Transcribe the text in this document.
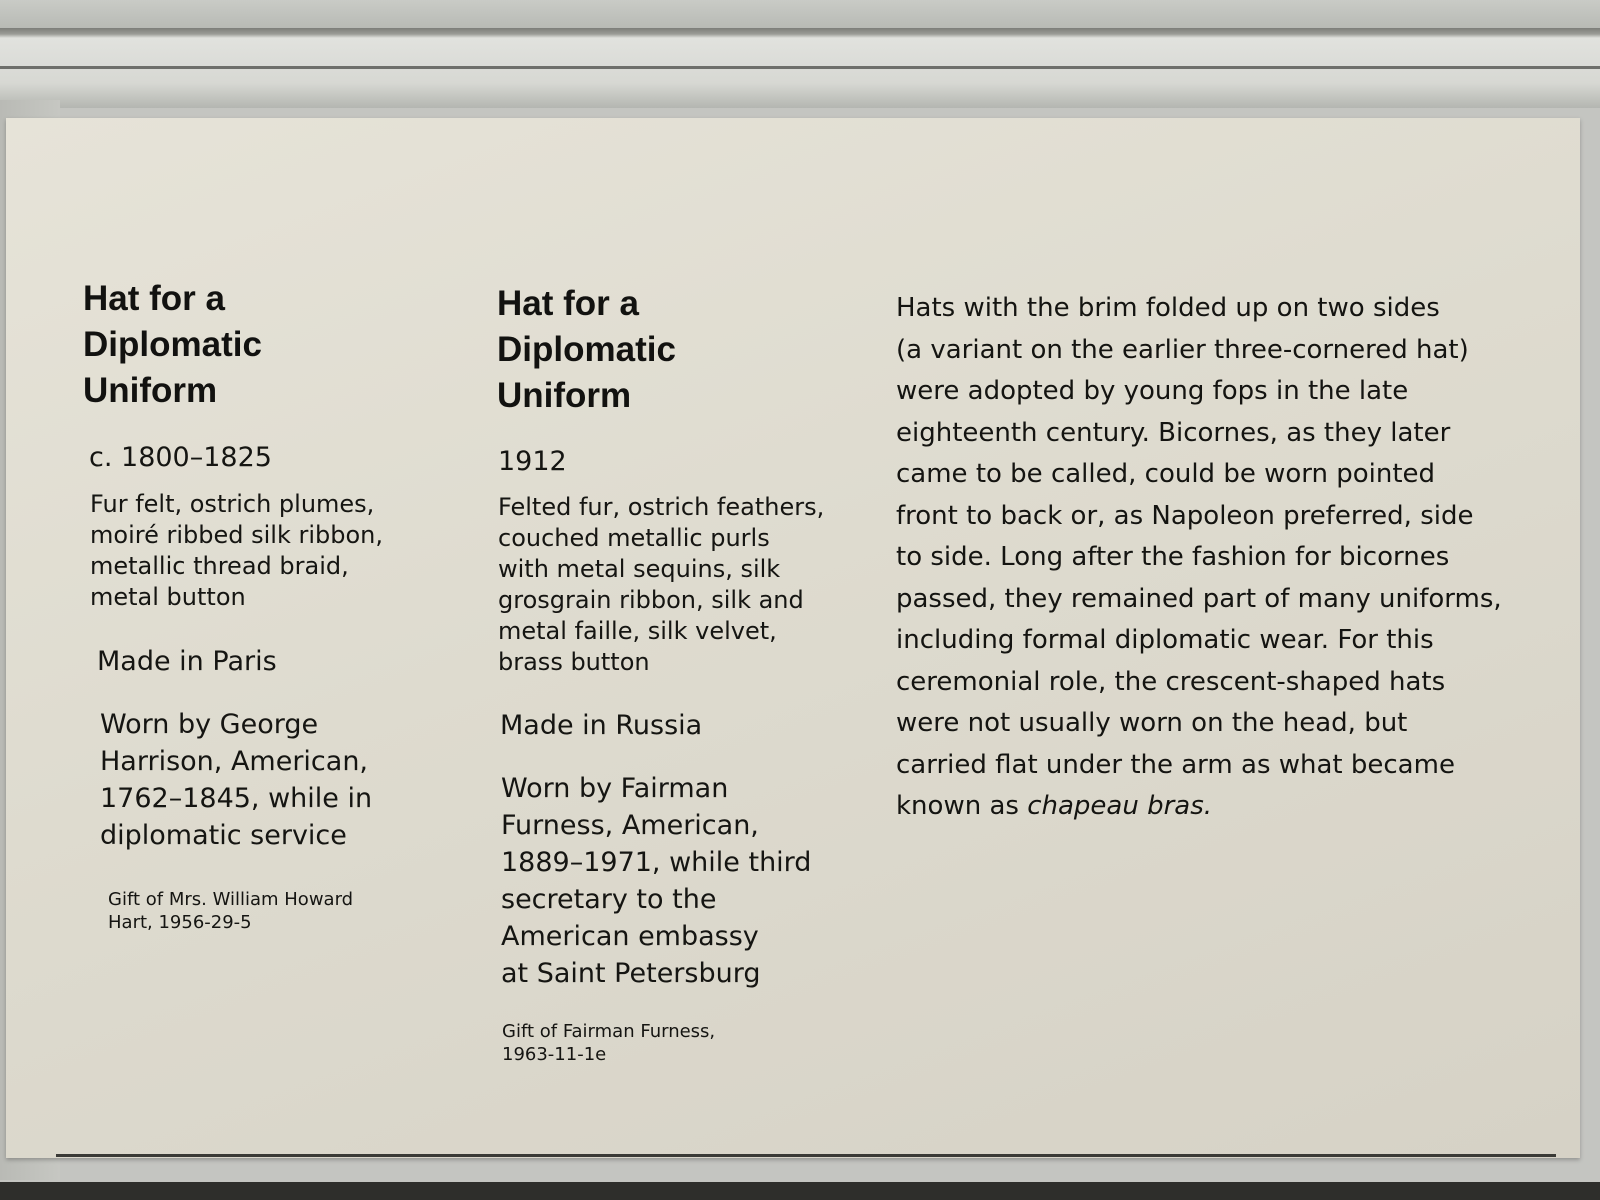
Hat for a
Diplomatic
Uniform
c. 1800–1825
Fur felt, ostrich plumes,
moiré ribbed silk ribbon,
metallic thread braid,
metal button
Made in Paris
Worn by George
Harrison, American,
1762–1845, while in
diplomatic service
Gift of Mrs. William Howard
Hart, 1956-29-5
Hat for a
Diplomatic
Uniform
1912
Felted fur, ostrich feathers,
couched metallic purls
with metal sequins, silk
grosgrain ribbon, silk and
metal faille, silk velvet,
brass button
Made in Russia
Worn by Fairman
Furness, American,
1889–1971, while third
secretary to the
American embassy
at Saint Petersburg
Gift of Fairman Furness,
1963-11-1e
Hats with the brim folded up on two sides
(a variant on the earlier three-cornered hat)
were adopted by young fops in the late
eighteenth century. Bicornes, as they later
came to be called, could be worn pointed
front to back or, as Napoleon preferred, side
to side. Long after the fashion for bicornes
passed, they remained part of many uniforms,
including formal diplomatic wear. For this
ceremonial role, the crescent-shaped hats
were not usually worn on the head, but
carried flat under the arm as what became
known as chapeau bras.
